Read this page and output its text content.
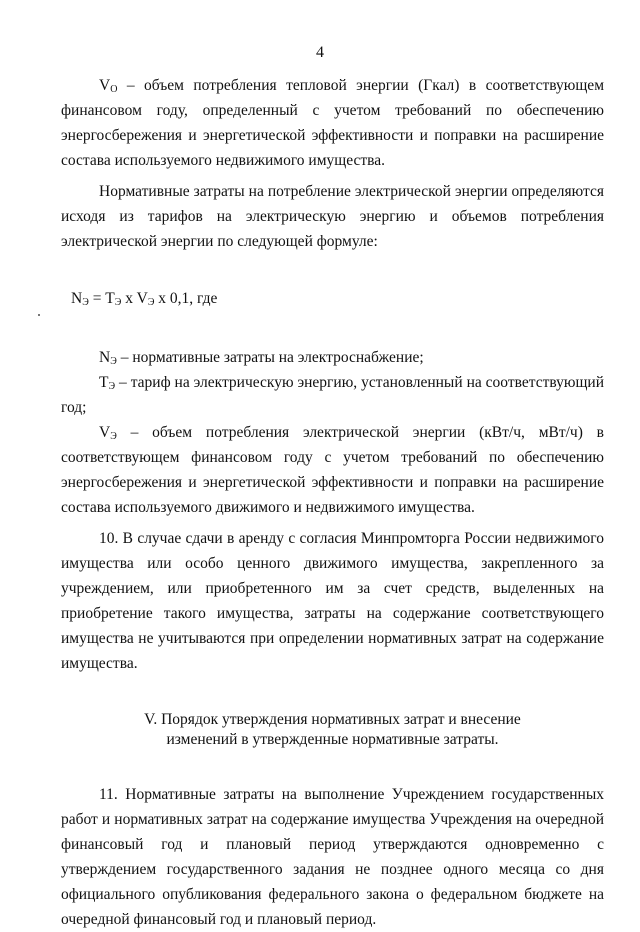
4

$V_O$ – объем потребления тепловой энергии (Гкал) в соответствующем финансовом году, определенный с учетом требований по обеспечению энергосбережения и энергетической эффективности и поправки на расширение состава используемого недвижимого имущества.

Нормативные затраты на потребление электрической энергии определяются исходя из тарифов на электрическую энергию и объемов потребления электрической энергии по следующей формуле:

$N_Э = T_Э$ x $V_Э$ x 0,1, где

$N_Э$ – нормативные затраты на электроснабжение;

$T_Э$ – тариф на электрическую энергию, установленный на соответствующий год;

$V_Э$ – объем потребления электрической энергии (кВт/ч, мВт/ч) в соответствующем финансовом году с учетом требований по обеспечению энергосбережения и энергетической эффективности и поправки на расширение состава используемого движимого и недвижимого имущества.

10. В случае сдачи в аренду с согласия Минпромторга России недвижимого имущества или особо ценного движимого имущества, закрепленного за учреждением, или приобретенного им за счет средств, выделенных на приобретение такого имущества, затраты на содержание соответствующего имущества не учитываются при определении нормативных затрат на содержание имущества.

V. Порядок утверждения нормативных затрат и внесение
изменений в утвержденные нормативные затраты.

11. Нормативные затраты на выполнение Учреждением государственных работ и нормативных затрат на содержание имущества Учреждения на очередной финансовый год и плановый период утверждаются одновременно с утверждением государственного задания не позднее одного месяца со дня официального опубликования федерального закона о федеральном бюджете на очередной финансовый год и плановый период.
